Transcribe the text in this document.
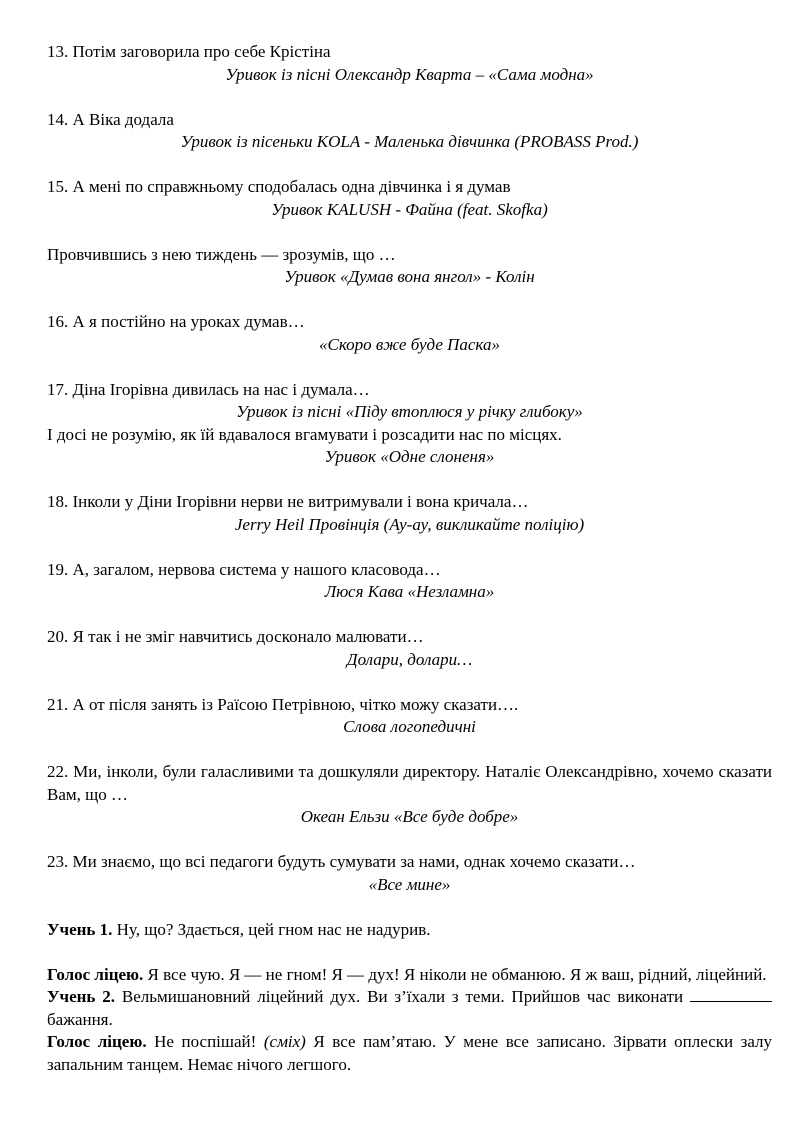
13. Потім заговорила про себе Крістіна

Уривок із пісні Олександр Кварта – «Сама модна»

14. А Віка додала

Уривок із пісеньки KOLA - Маленька дівчинка (PROBASS Prod.)

15. А мені по справжньому сподобалась одна дівчинка і я думав

Уривок KALUSH - Файна (feat. Skofka)

Провчившись з нею тиждень — зрозумів, що …

Уривок «Думав вона янгол» - Колін

16. А я постійно на уроках думав…

«Скоро вже буде Паска»

17. Діна Ігорівна дивилась на нас і думала…

Уривок із пісні «Піду втоплюся у річку глибоку»

І досі не розумію, як їй вдавалося вгамувати і розсадити нас по місцях.

Уривок «Одне слоненя»

18. Інколи у Діни Ігорівни нерви не витримували і вона кричала…

Jerry Heil Провінція (Ау-ау, викликайте поліцію)

19. А, загалом, нервова система у нашого класовода…

Люся Кава «Незламна»

20. Я так і не зміг навчитись досконало малювати…

Долари, долари…

21. А от після занять із Раїсою Петрівною, чітко можу сказати….

Слова логопедичні

22. Ми, інколи, були галасливими та дошкуляли директору. Наталіє Олександрівно, хочемо сказати Вам, що …

Океан Ельзи «Все буде добре»

23. Ми знаємо, що всі педагоги будуть сумувати за нами, однак хочемо сказати…

«Все мине»

Учень 1. Ну, що? Здається, цей гном нас не надурив.

Голос ліцею. Я все чую. Я — не гном! Я — дух! Я ніколи не обманюю. Я ж ваш, рідний, ліцейний.

Учень 2. Вельмишановний ліцейний дух. Ви з’їхали з теми. Прийшов час виконати  бажання.

Голос ліцею. Не поспішай! (сміх) Я все пам’ятаю. У мене все записано. Зірвати оплески залу запальним танцем. Немає нічого легшого.
